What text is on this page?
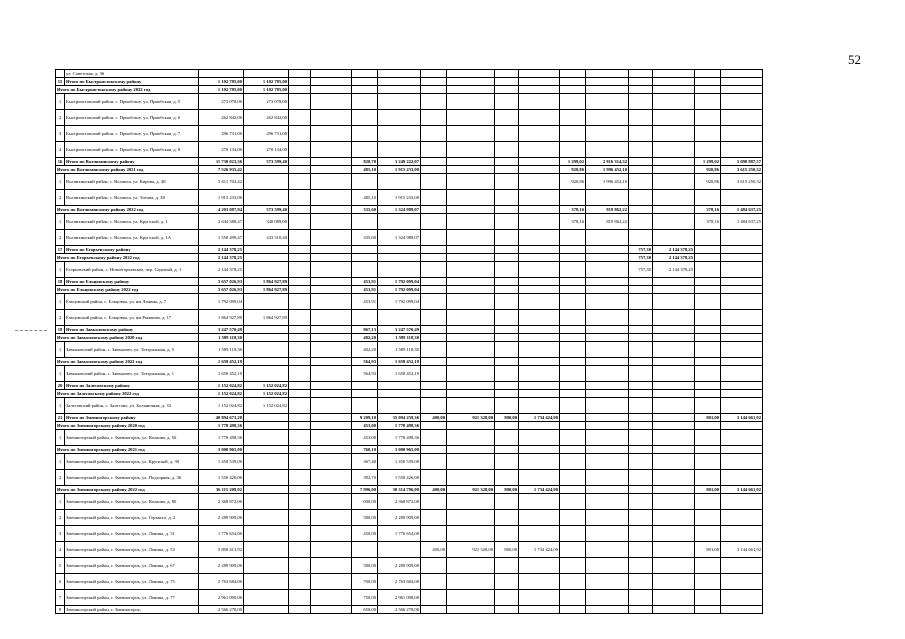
52
	ул. Советская, д. 36																
15	Итого по Быстроистокскому району	1 102 785,00	1 102 785,00														
Итого по Быстроистокскому району 2022 год		1 102 785,00	1 102 785,00														
1	Быстроистокский район, с. Приобское, ул. Приобская, д. 5	273 078,00	273 078,00														
2	Быстроистокский район, с. Приобское, ул. Приобская, д. 6	262 842,00	262 842,00														
3	Быстроистокский район, с. Приобское, ул. Приобская, д. 7	296 731,00	296 731,00														
4	Быстроистокский район, с. Приобское, ул. Приобская, д. 8	270 134,00	270 134,00														
16	Итого по Волчихинскому району	11 730 023,36	573 599,40			820,70	3 249 222,07					1 299,02	2 816 314,32			1 299,02	5 090 887,57
Итого по Волчихинскому району 2021 год		7 526 935,42				485,10	1 915 233,00					920,86	1 996 452,10			920,86	3 615 250,32
1	Волчихинский район, с. Волчиха, ул. Кирова, д. 48	5 611 702,42										920,86	1 996 452,10			920,86	3 615 250,32
2	Волчихинский район, с. Волчиха, ул. Титова, д. 38	1 915 233,00				485,10	1 915 233,00										
Итого по Волчихинскому району 2022 год		4 203 087,94	573 599,40			335,60	1 324 989,07					378,16	819 862,22			378,16	1 484 637,25
1	Волчихинский район, с. Волчиха, ул. Крупской, д. 1	2 644 588,47	340 089,00									378,16	819 862,22			378,16	1 484 637,25
2	Волчихинский район, с. Волчиха, ул. Крупской, д. 1А	1 558 499,47	233 510,40			335,60	1 324 989,07										
17	Итого по Егорьевскому району	2 144 378,25												757,30	2 144 378,25		
Итого по Егорьевскому району 2022 год		2 144 378,25												757,30	2 144 378,25		
1	Егорьевский район, с. Новоегорьевское, пер. Садовый, д. 1	2 144 378,25												757,30	2 144 378,25		
18	Итого по Ельцовскому району	3 657 026,93	1 864 927,89			453,91	1 792 099,04										
Итого по Ельцовскому району 2022 год		3 657 026,93	1 864 927,89			453,91	1 792 099,04										
1	Ельцовский район, с. Ельцовка, ул. им Ленина, д. 7	1 792 099,04				453,91	1 792 099,04										
2	Ельцовский район, с. Ельцовка, ул. им Рыжкова, д. 17	1 864 927,89	1 864 927,89														
19	Итого по Завьяловскому району	3 247 570,49				967,13	3 247 570,49										
Итого по Завьяловскому району 2020 год		1 589 118,30				402,20	1 589 118,30										
1	Завьяловский район, с. Завьялово, ул. Театральная, д. 5	1 589 118,30				402,20	1 589 118,30										
Итого по Завьяловскому району 2022 год		1 658 452,19				564,93	1 658 452,19										
1	Завьяловский район, с. Завьялово, ул. Театральная, д. 1	1 658 452,19				564,93	1 658 452,19										
20	Итого по Залесовскому району	1 152 024,82	1 152 024,82														
Итого по Залесовскому району 2022 год		1 152 024,82	1 152 024,82														
1	Залесовский район, с. Залесово, ул. Больничная, д. 33	1 152 024,82	1 152 024,82														
21	Итого по Змеиногорскому району	40 894 673,28				9 209,10	35 094 259,36	400,00	921 328,00	800,00	1 734 424,00					801,00	3 144 661,92
Итого по Змеиногорскому району 2020 год		1 778 498,36				453,00	1 778 498,36										
1	Змеиногорский район, г. Змеиногорск, ул. Волкова, д. 56	1 778 498,36				453,00	1 778 498,36										
Итого по Змеиногорскому району 2021 год		3 000 965,00				760,10	3 000 965,00										
1	Змеиногорский район, г. Змеиногорск, ул. Крупской, д. 39	1 450 539,00				367,40	1 450 539,00										
2	Змеиногорский район, г. Змеиногорск, ул. Подгорная, д. 36	1 550 426,00				392,70	1 550 426,00										
Итого по Змеиногорскому району 2022 год		36 115 209,92				7 996,00	30 314 796,00	400,00	921 328,00	800,00	1 734 424,00					801,00	3 144 661,92
1	Змеиногорский район, г. Змеиногорск, ул. Волкова, д. 80	2 368 872,00				600,00	2 368 872,00										
2	Змеиногорский район, г. Змеиногорск, ул. Горького, д. 2	2 289 909,00				580,00	2 289 909,00										
3	Змеиногорский район, г. Змеиногорск, ул. Ленина, д. 51	1 776 654,00				450,00	1 776 654,00										
4	Змеиногорский район, г. Змеиногорск, ул. Ленина, д. 53	5 800 413,92						400,00	921 328,00	800,00	1 734 424,00					801,00	3 144 661,92
5	Змеиногорский район, г. Змеиногорск, ул. Ленина, д. 67	2 289 909,00				580,00	2 289 909,00										
6	Змеиногорский район, г. Змеиногорск, ул. Ленина, д. 75	2 763 684,00				700,00	2 763 684,00										
7	Змеиногорский район, г. Змеиногорск, ул. Ленина, д. 77	2 961 090,00				750,00	2 961 090,00										
8	Змеиногорский район, г. Змеиногорск,	2 566 278,00				650,00	2 566 278,00										
